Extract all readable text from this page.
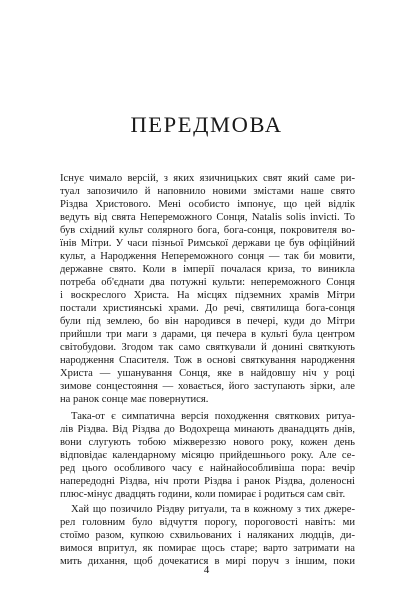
ПЕРЕДМОВА
Існує чимало версій, з яких язичницьких свят який саме ри-
туал запозичило й наповнило новими змістами наше свято
Різдва Христового. Мені особисто імпонує, що цей відлік
ведуть від свята Непереможного Сонця, Natalis solis invicti. То
був східний культ солярного бога, бога-сонця, покровителя во-
їнів Мітри. У часи пізньої Римської держави це був офіційний
культ, а Народження Непереможного сонця — так би мовити,
державне свято. Коли в імперії почалася криза, то виникла
потреба об'єднати два потужні культи: непереможного Сонця
і воскреслого Христа. На місцях підземних храмів Мітри
постали християнські храми. До речі, святилища бога-сонця
були під землею, бо він народився в печері, куди до Мітри
прийшли три маги з дарами, ця печера в культі була центром
світобудови. Згодом так само святкували й донині святкують
народження Спасителя. Тож в основі святкування народження
Христа — ушанування Сонця, яке в найдовшу ніч у році
зимове сонцестояння — ховається, його заступають зірки, але
на ранок сонце має повернутися.
Така-от є симпатична версія походження святкових ритуа-
лів Різдва. Від Різдва до Водохреща минають дванадцять днів,
вони слугують тобою міжвереззю нового року, кожен день
відповідає календарному місяцю прийдешнього року. Але се-
ред цього особливого часу є найнайособливіша пора: вечір
напередодні Різдва, ніч проти Різдва і ранок Різдва, доленосні
плюс-мінус двадцять години, коли помирає і родиться сам світ.
Хай що позичило Різдву ритуали, та в кожному з тих джере-
рел головним було відчуття порогу, пороговості навіть: ми
стоїмо разом, купкою схвильованих і наляканих людців, ди-
вимося впритул, як помирає щось старе; варто затримати на
мить дихання, щоб дочекатися в мирі поруч з іншим, поки
4
